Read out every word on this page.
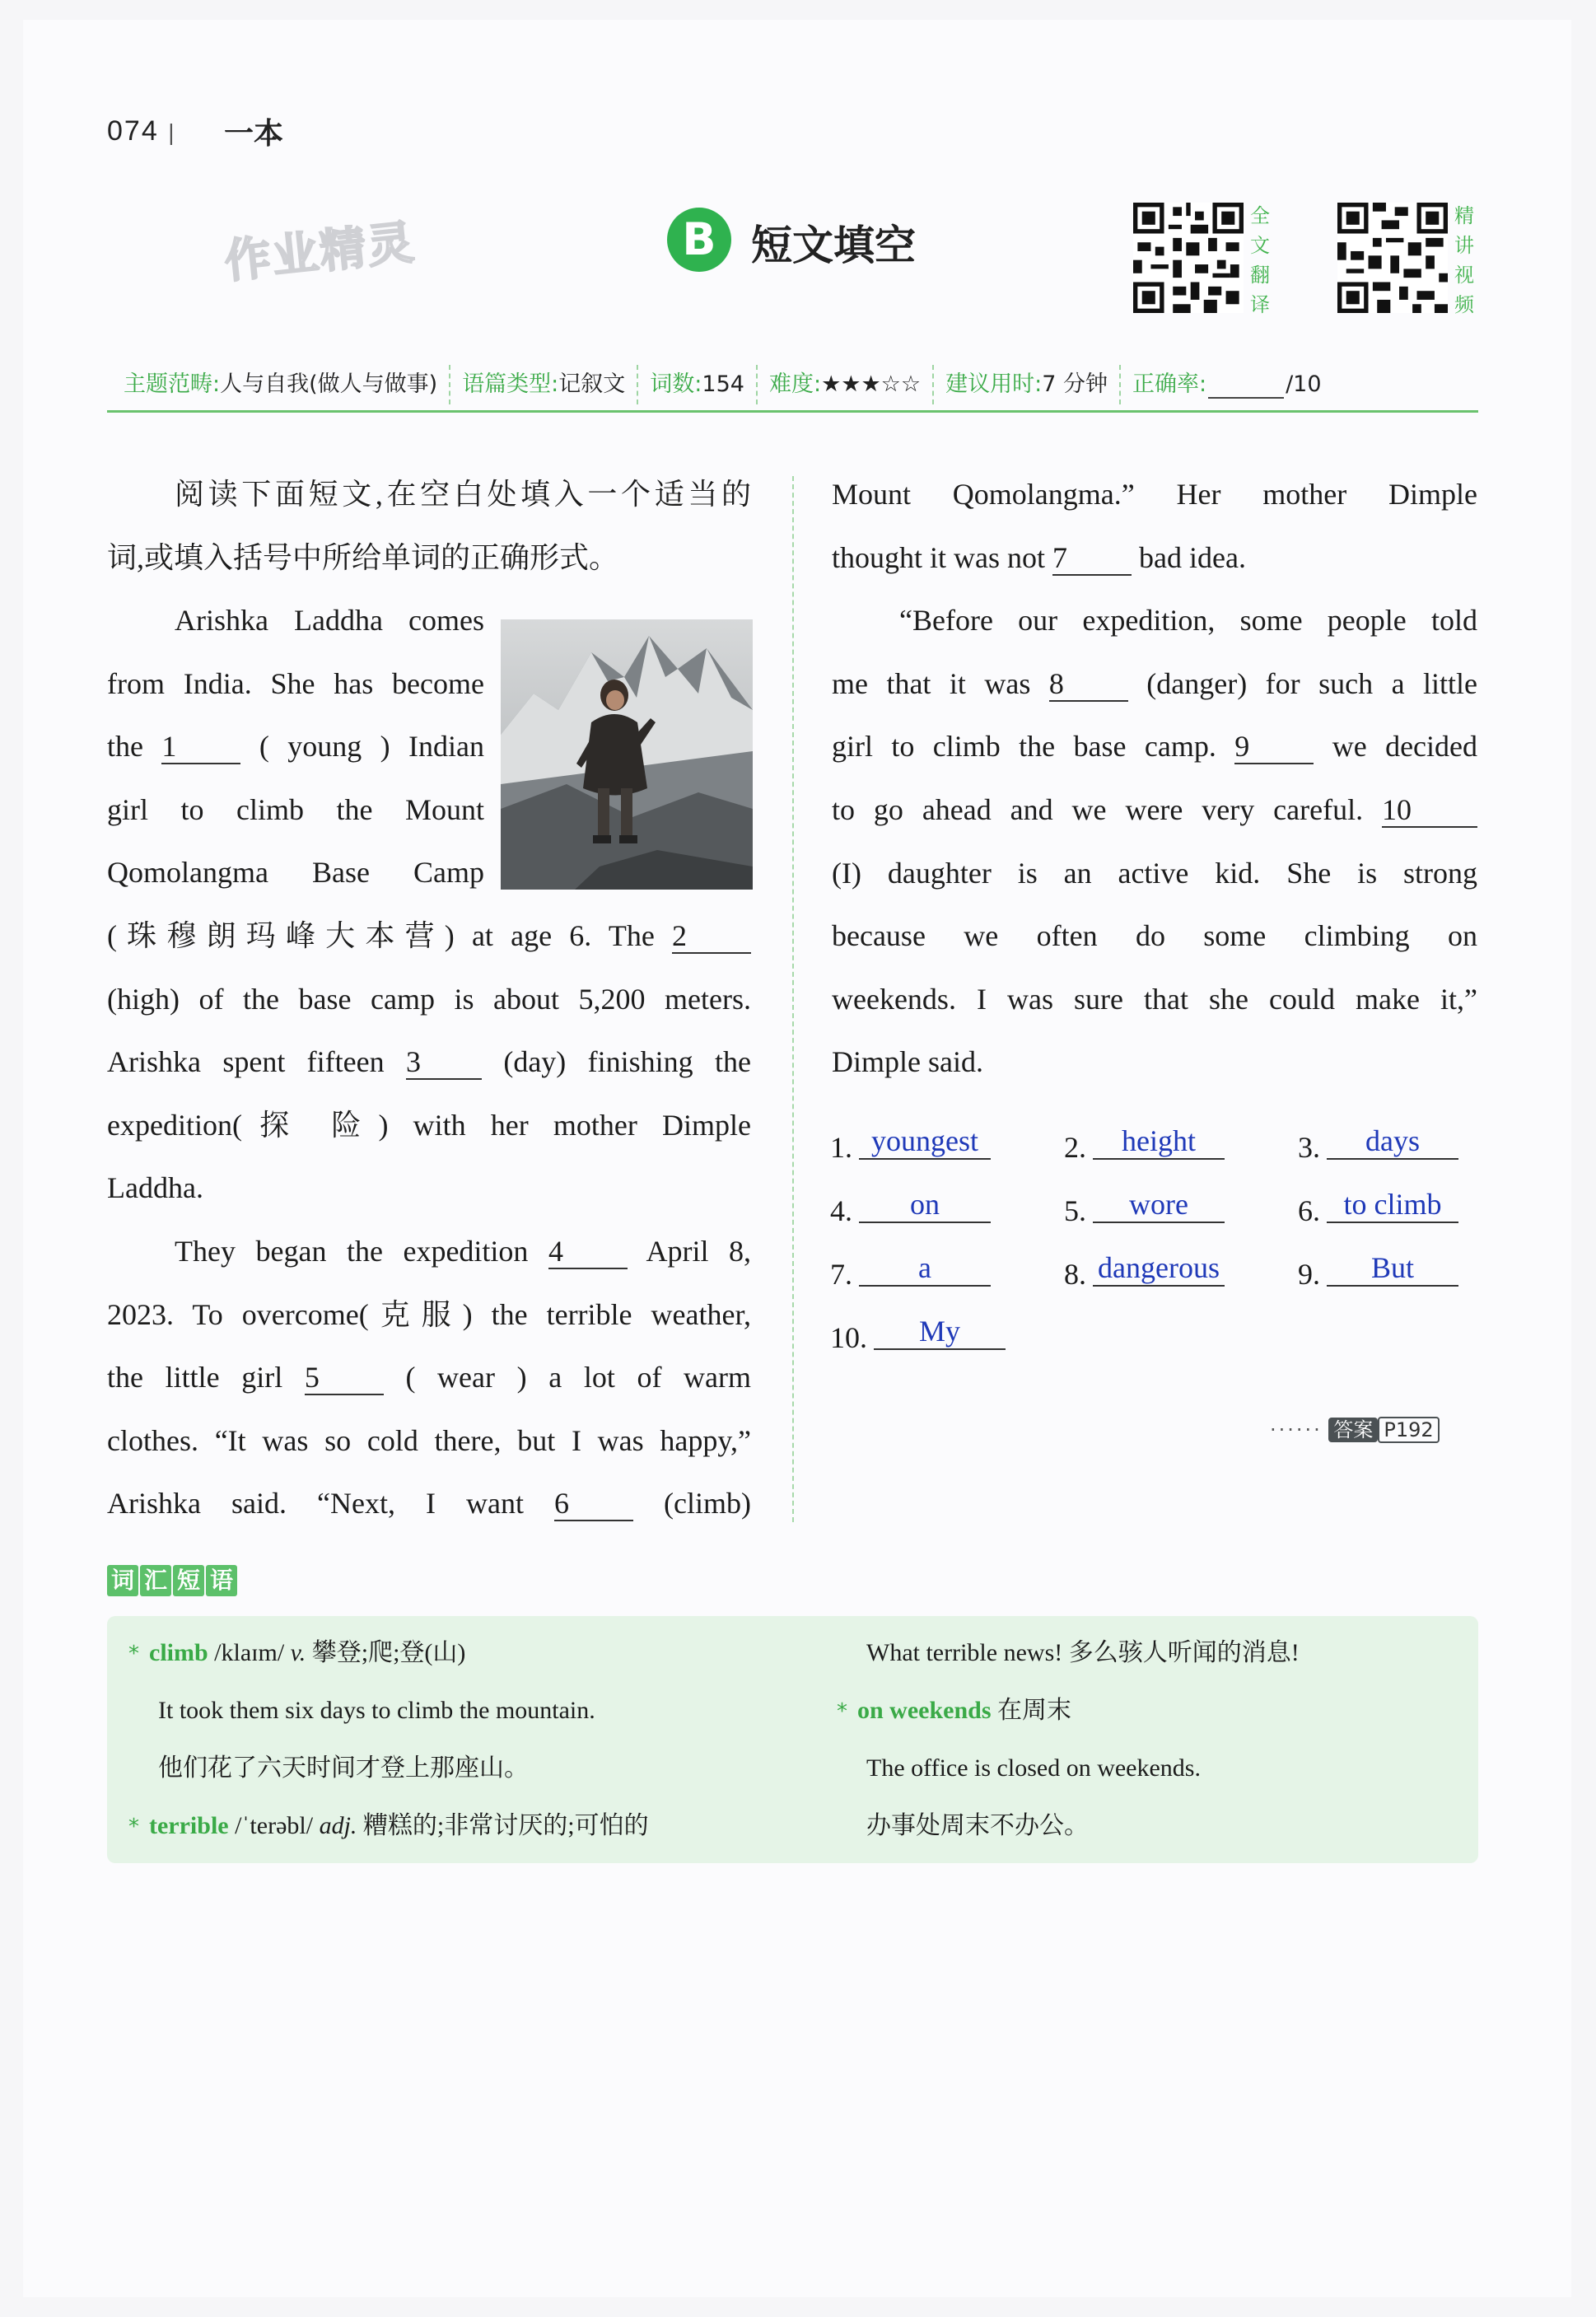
074 | 一本
作业精灵	B 短文填空
全
文
翻
译
精
讲
视
频
主题范畴:人与自我(做人与做事)	语篇类型:记叙文	词数:154	难度:★★★☆☆	建议用时:7 分钟	正确率:	/10
阅读下面短文,在空白处填入一个适当的
词,或填入括号中所给单词的正确形式。
Arishka Laddha comes
from India. She has become
the 1	( young ) Indian
girl to climb the Mount
Qomolangma Base Camp
(珠穆朗玛峰大本营) at age 6. The 2
(high) of the base camp is about 5,200 meters.
Arishka spent fifteen 3	(day) finishing the
expedition(探 险) with her mother Dimple
Laddha.
They began the expedition 4	April 8,
2023. To overcome(克服) the terrible weather,
the little girl 5	( wear ) a lot of warm
clothes. “It was so cold there, but I was happy,”
Arishka said. “Next, I want 6	(climb)
Mount Qomolangma.” Her mother Dimple
thought it was not 7 bad idea.
“Before our expedition, some people told
me that it was 8	(danger) for such a little
girl to climb the base camp. 9	we decided
to go ahead and we were very careful. 10
(I) daughter is an active kid. She is strong
because we often do some climbing on
weekends. I was sure that she could make it,”
Dimple said.
1. youngest	2. height	3. days
4. on	5. wore	6. to climb
7. a	8. dangerous	9. But
10. My
······ 答案 P192
词 汇 短 语
* climb /klaɪm/ v. 攀登;爬;登(山)
It took them six days to climb the mountain.
他们花了六天时间才登上那座山。
* terrible /ˈterəbl/ adj. 糟糕的;非常讨厌的;可怕的
What terrible news! 多么骇人听闻的消息!
* on weekends 在周末
The office is closed on weekends.
办事处周末不办公。
